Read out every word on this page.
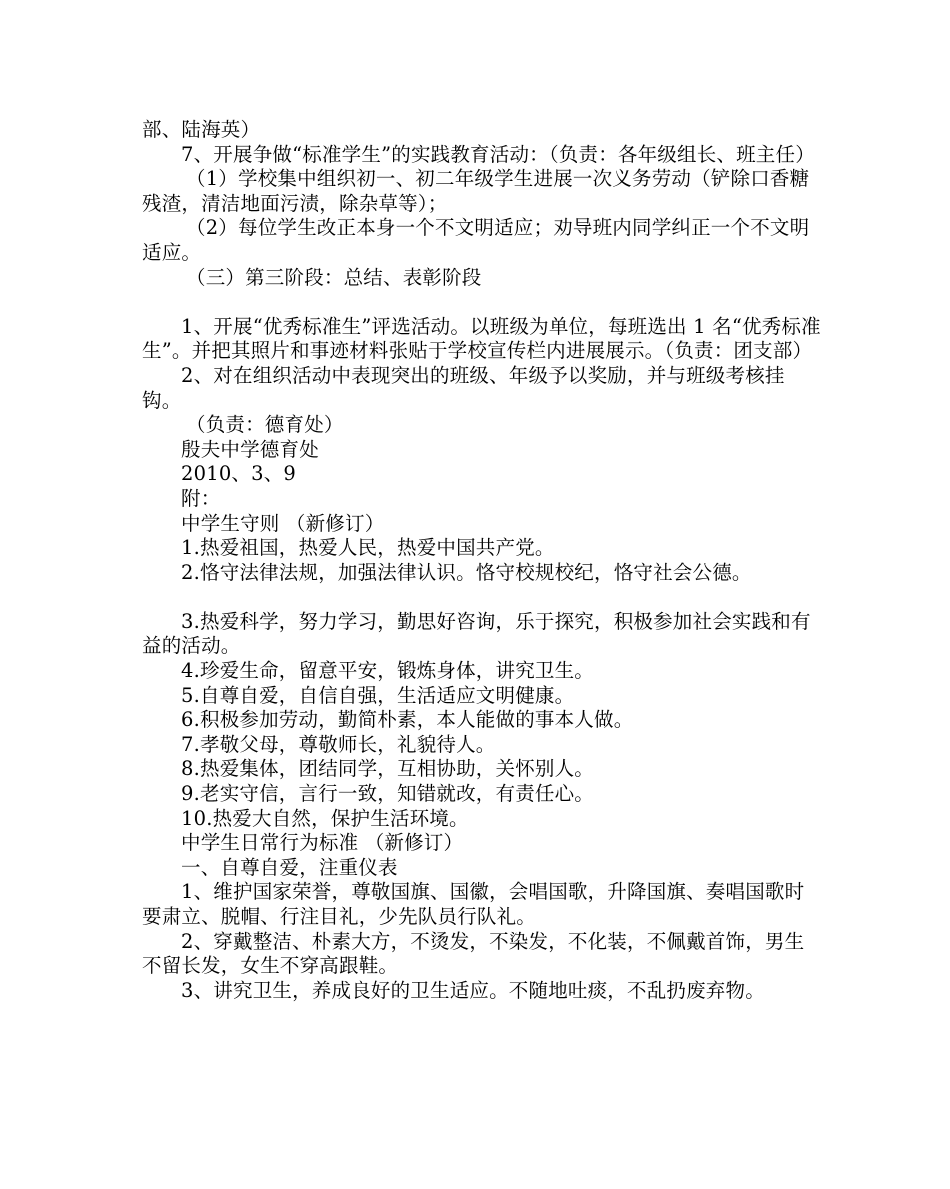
部、陆海英）

7、开展争做“标准学生”的实践教育活动：（负责：各年级组长、班主任）

（1）学校集中组织初一、初二年级学生进展一次义务劳动（铲除口香糖残渣，清洁地面污渍，除杂草等）；

（2）每位学生改正本身一个不文明适应；劝导班内同学纠正一个不文明适应。

（三）第三阶段：总结、表彰阶段

1、开展“优秀标准生”评选活动。以班级为单位，每班选出 1 名“优秀标准生”。并把其照片和事迹材料张贴于学校宣传栏内进展展示。（负责：团支部）

2、对在组织活动中表现突出的班级、年级予以奖励，并与班级考核挂钩。

（负责：德育处）

殷夫中学德育处

2010、3、9

附：

中学生守则 （新修订）

1.热爱祖国，热爱人民，热爱中国共产党。

2.恪守法律法规，加强法律认识。恪守校规校纪，恪守社会公德。

3.热爱科学，努力学习，勤思好咨询，乐于探究，积极参加社会实践和有益的活动。

4.珍爱生命，留意平安，锻炼身体，讲究卫生。

5.自尊自爱，自信自强，生活适应文明健康。

6.积极参加劳动，勤简朴素，本人能做的事本人做。

7.孝敬父母，尊敬师长，礼貌待人。

8.热爱集体，团结同学，互相协助，关怀别人。

9.老实守信，言行一致，知错就改，有责任心。

10.热爱大自然，保护生活环境。

中学生日常行为标准 （新修订）

一、自尊自爱，注重仪表

1、维护国家荣誉，尊敬国旗、国徽，会唱国歌，升降国旗、奏唱国歌时要肃立、脱帽、行注目礼，少先队员行队礼。

2、穿戴整洁、朴素大方，不烫发，不染发，不化装，不佩戴首饰，男生不留长发，女生不穿高跟鞋。

3、讲究卫生，养成良好的卫生适应。不随地吐痰，不乱扔废弃物。
